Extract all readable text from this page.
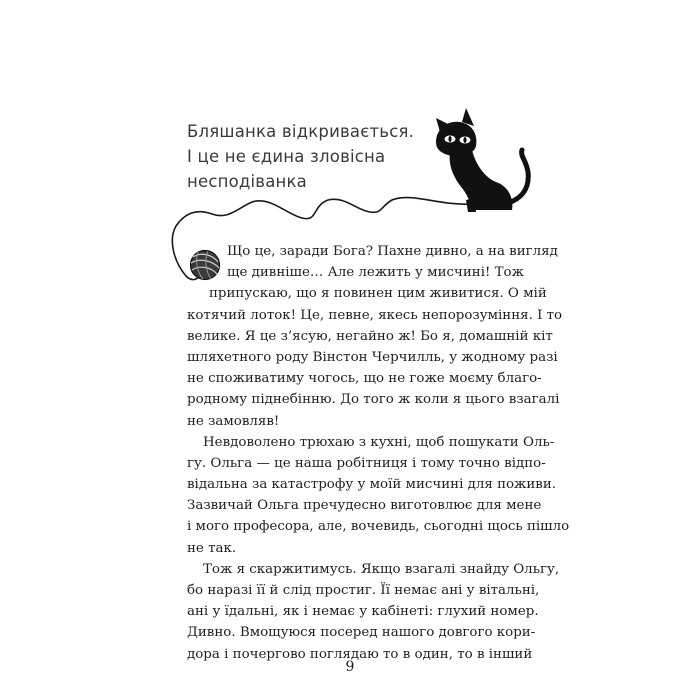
Бляшанка відкривається.
І це не єдина зловісна
несподіванка
Що це, заради Бога? Пахне дивно, а на вигляд
ще дивніше… Але лежить у мисчині! Тож
припускаю, що я повинен цим живитися. О мій
котячий лоток! Це, певне, якесь непорозуміння. І то
велике. Я це з’ясую, негайно ж! Бо я, домашній кіт
шляхетного роду Вінстон Черчилль, у жодному разі
не споживатиму чогось, що не гоже моєму благо-
родному піднебінню. До того ж коли я цього взагалі
не замовляв!
Невдоволено трюхаю з кухні, щоб пошукати Оль-
гу. Ольга — це наша робітниця і тому точно відпо-
відальна за катастрофу у моїй мисчині для поживи.
Зазвичай Ольга пречудесно виготовлює для мене
і мого професора, але, вочевидь, сьогодні щось пішло
не так.
Тож я скаржитимусь. Якщо взагалі знайду Ольгу,
бо наразі її й слід простиг. Її немає ані у вітальні,
ані у їдальні, як і немає у кабінеті: глухий номер.
Дивно. Вмощуюся посеред нашого довгого кори-
дора і почергово поглядаю то в один, то в інший
9
